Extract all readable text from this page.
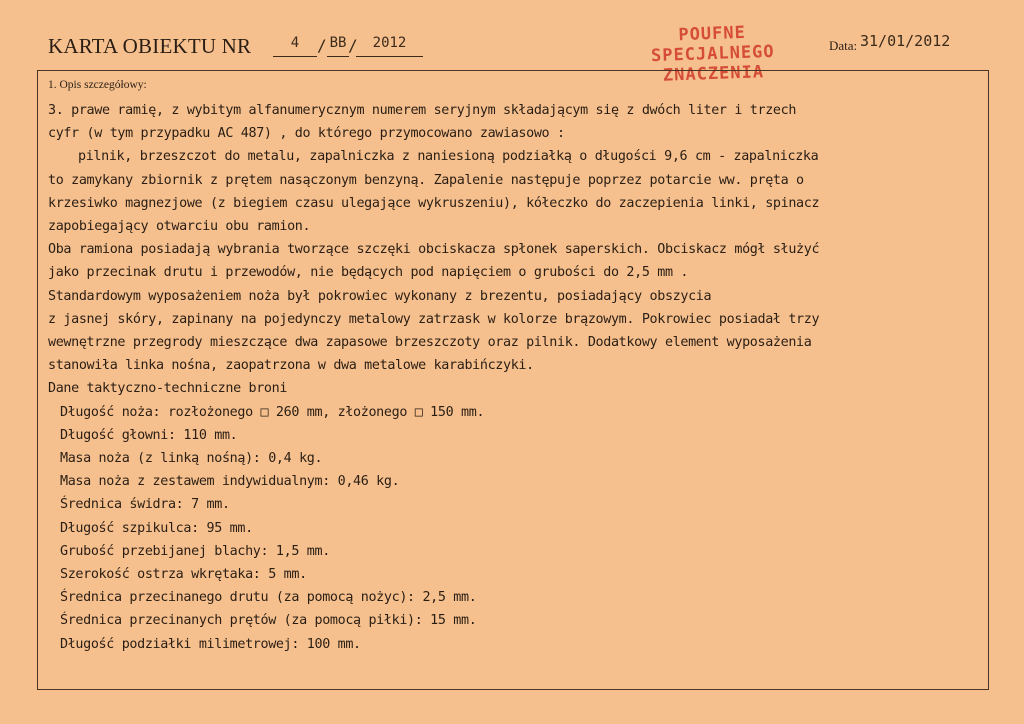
KARTA OBIEKTU NR	4	/ BB /	2012	POUFNE
SPECJALNEGO
ZNACZENIA
Data: 31/01/2012
1. Opis szczegółowy:
3. prawe ramię, z wybitym alfanumerycznym numerem seryjnym składającym się z dwóch liter i trzech
cyfr (w tym przypadku AC 487) , do którego przymocowano zawiasowo :
pilnik, brzeszczot do metalu, zapalniczka z naniesioną podziałką o długości 9,6 cm - zapalniczka
to zamykany zbiornik z prętem nasączonym benzyną. Zapalenie następuje poprzez potarcie ww. pręta o
krzesiwko magnezjowe (z biegiem czasu ulegające wykruszeniu), kółeczko do zaczepienia linki, spinacz
zapobiegający otwarciu obu ramion.
Oba ramiona posiadają wybrania tworzące szczęki obciskacza spłonek saperskich. Obciskacz mógł służyć
jako przecinak drutu i przewodów, nie będących pod napięciem o grubości do 2,5 mm .
Standardowym wyposażeniem noża był pokrowiec wykonany z brezentu, posiadający obszycia
z jasnej skóry, zapinany na pojedynczy metalowy zatrzask w kolorze brązowym. Pokrowiec posiadał trzy
wewnętrzne przegrody mieszczące dwa zapasowe brzeszczoty oraz pilnik. Dodatkowy element wyposażenia
stanowiła linka nośna, zaopatrzona w dwa metalowe karabińczyki.
Dane taktyczno-techniczne broni
Długość noża: rozłożonego □ 260 mm, złożonego □ 150 mm.
Długość głowni: 110 mm.
Masa noża (z linką nośną): 0,4 kg.
Masa noża z zestawem indywidualnym: 0,46 kg.
Średnica świdra: 7 mm.
Długość szpikulca: 95 mm.
Grubość przebijanej blachy: 1,5 mm.
Szerokość ostrza wkrętaka: 5 mm.
Średnica przecinanego drutu (za pomocą nożyc): 2,5 mm.
Średnica przecinanych prętów (za pomocą piłki): 15 mm.
Długość podziałki milimetrowej: 100 mm.
